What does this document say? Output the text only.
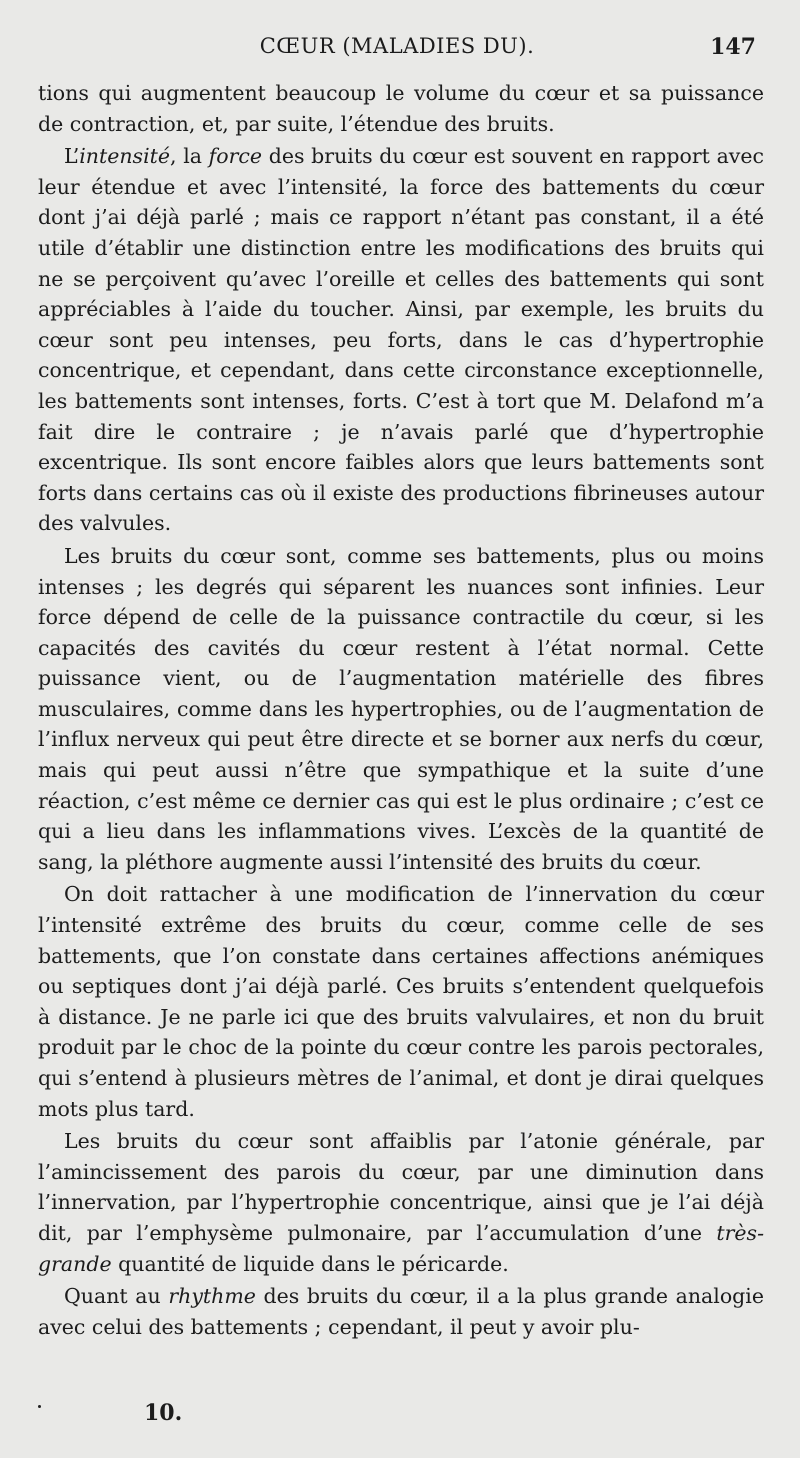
CŒUR (MALADIES DU).	147

tions qui augmentent beaucoup le volume du cœur et sa puissance de contraction, et, par suite, l’étendue des bruits.

L’intensité, la force des bruits du cœur est souvent en rapport avec leur étendue et avec l’intensité, la force des battements du cœur dont j’ai déjà parlé ; mais ce rapport n’étant pas constant, il a été utile d’établir une distinction entre les modifications des bruits qui ne se perçoivent qu’avec l’oreille et celles des battements qui sont appréciables à l’aide du toucher. Ainsi, par exemple, les bruits du cœur sont peu intenses, peu forts, dans le cas d’hypertrophie concentrique, et cependant, dans cette circonstance exceptionnelle, les battements sont intenses, forts. C’est à tort que M. Delafond m’a fait dire le contraire ; je n’avais parlé que d’hypertrophie excentrique. Ils sont encore faibles alors que leurs battements sont forts dans certains cas où il existe des productions fibrineuses autour des valvules.

Les bruits du cœur sont, comme ses battements, plus ou moins intenses ; les degrés qui séparent les nuances sont infinies. Leur force dépend de celle de la puissance contractile du cœur, si les capacités des cavités du cœur restent à l’état normal. Cette puissance vient, ou de l’augmentation matérielle des fibres musculaires, comme dans les hypertrophies, ou de l’augmentation de l’influx nerveux qui peut être directe et se borner aux nerfs du cœur, mais qui peut aussi n’être que sympathique et la suite d’une réaction, c’est même ce dernier cas qui est le plus ordinaire ; c’est ce qui a lieu dans les inflammations vives. L’excès de la quantité de sang, la pléthore augmente aussi l’intensité des bruits du cœur.

On doit rattacher à une modification de l’innervation du cœur l’intensité extrême des bruits du cœur, comme celle de ses battements, que l’on constate dans certaines affections anémiques ou septiques dont j’ai déjà parlé. Ces bruits s’entendent quelquefois à distance. Je ne parle ici que des bruits valvulaires, et non du bruit produit par le choc de la pointe du cœur contre les parois pectorales, qui s’entend à plusieurs mètres de l’animal, et dont je dirai quelques mots plus tard.

Les bruits du cœur sont affaiblis par l’atonie générale, par l’amincissement des parois du cœur, par une diminution dans l’innervation, par l’hypertrophie concentrique, ainsi que je l’ai déjà dit, par l’emphysème pulmonaire, par l’accumulation d’une très-grande quantité de liquide dans le péricarde.

Quant au rhythme des bruits du cœur, il a la plus grande analogie avec celui des battements ; cependant, il peut y avoir plu-

10.
